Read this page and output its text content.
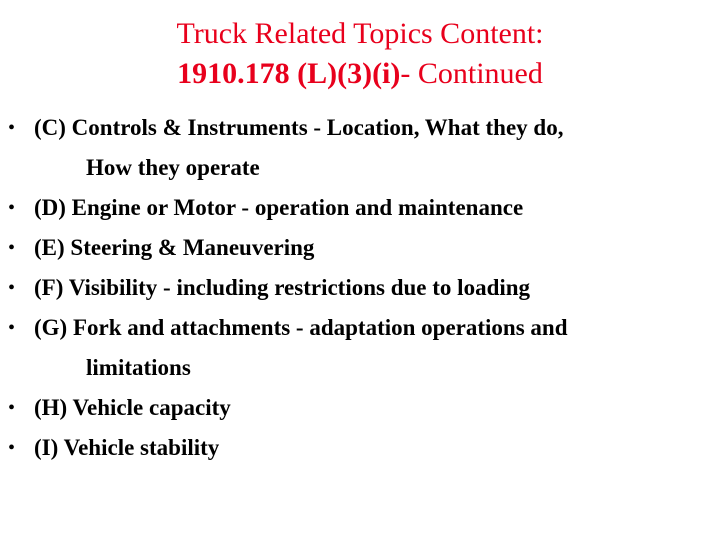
Truck Related Topics Content:
1910.178 (L)(3)(i)- Continued
• (C) Controls & Instruments - Location, What they do,
How they operate
• (D) Engine or Motor - operation and maintenance
• (E) Steering & Maneuvering
• (F) Visibility - including restrictions due to loading
• (G) Fork and attachments - adaptation operations and
limitations
• (H) Vehicle capacity
• (I) Vehicle stability
